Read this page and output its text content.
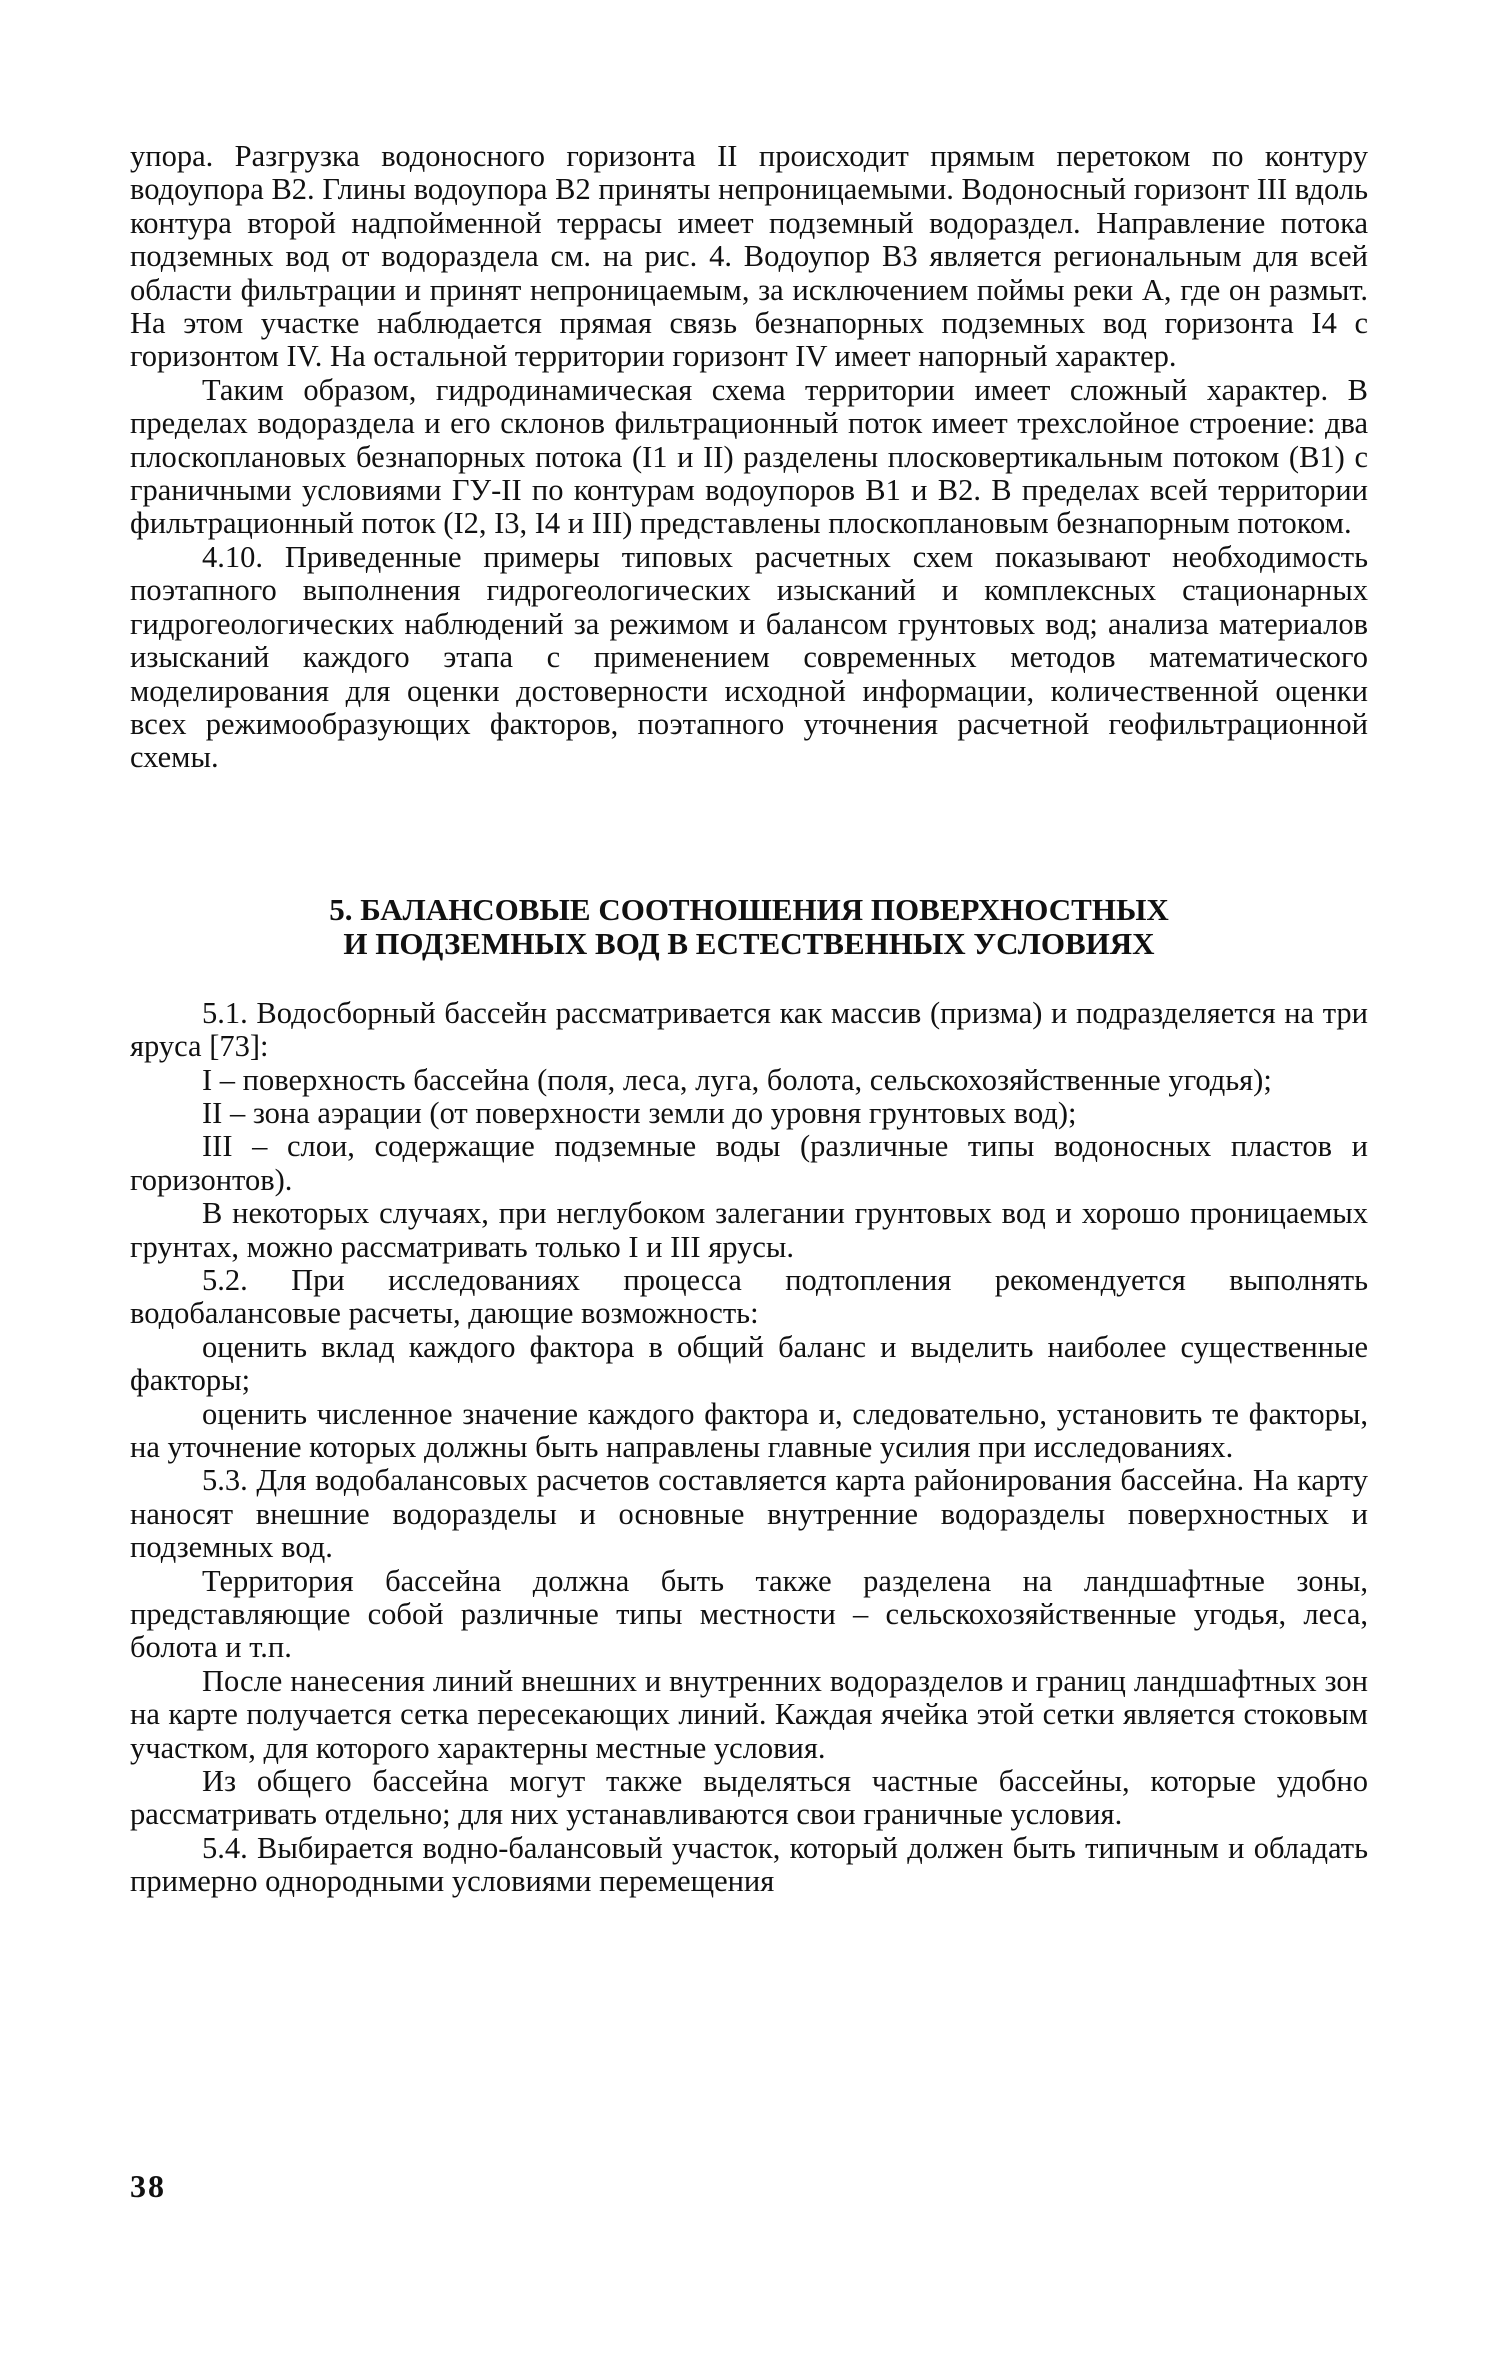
упора. Разгрузка водоносного горизонта II происходит прямым перетоком по контуру водоупора B2. Глины водоупора B2 приняты непроницаемыми. Водоносный горизонт III вдоль контура второй надпойменной террасы имеет подземный водораздел. Направление потока подземных вод от водораздела см. на рис. 4. Водоупор B3 является региональным для всей области фильтрации и принят непроницаемым, за исключением поймы реки A, где он размыт. На этом участке наблюдается прямая связь безнапорных подземных вод горизонта I4 с горизонтом IV. На остальной территории горизонт IV имеет напорный характер.

Таким образом, гидродинамическая схема территории имеет сложный характер. В пределах водораздела и его склонов фильтрационный поток имеет трехслойное строение: два плоскоплановых безнапорных потока (I1 и II) разделены плосковертикальным потоком (B1) с граничными условиями ГУ-II по контурам водоупоров B1 и B2. В пределах всей территории фильтрационный поток (I2, I3, I4 и III) представлены плоскоплановым безнапорным потоком.

4.10. Приведенные примеры типовых расчетных схем показывают необходимость поэтапного выполнения гидрогеологических изысканий и комплексных стационарных гидрогеологических наблюдений за режимом и балансом грунтовых вод; анализа материалов изысканий каждого этапа с применением современных методов математического моделирования для оценки достоверности исходной информации, количественной оценки всех режимообразующих факторов, поэтапного уточнения расчетной геофильтрационной схемы.

5. БАЛАНСОВЫЕ СООТНОШЕНИЯ ПОВЕРХНОСТНЫХ
И ПОДЗЕМНЫХ ВОД В ЕСТЕСТВЕННЫХ УСЛОВИЯХ

5.1. Водосборный бассейн рассматривается как массив (призма) и подразделяется на три яруса [73]:

I – поверхность бассейна (поля, леса, луга, болота, сельскохозяйственные угодья);

II – зона аэрации (от поверхности земли до уровня грунтовых вод);

III – слои, содержащие подземные воды (различные типы водоносных пластов и горизонтов).

В некоторых случаях, при неглубоком залегании грунтовых вод и хорошо проницаемых грунтах, можно рассматривать только I и III ярусы.

5.2. При исследованиях процесса подтопления рекомендуется выполнять водобалансовые расчеты, дающие возможность:

оценить вклад каждого фактора в общий баланс и выделить наиболее существенные факторы;

оценить численное значение каждого фактора и, следовательно, установить те факторы, на уточнение которых должны быть направлены главные усилия при исследованиях.

5.3. Для водобалансовых расчетов составляется карта районирования бассейна. На карту наносят внешние водоразделы и основные внутренние водоразделы поверхностных и подземных вод.

Территория бассейна должна быть также разделена на ландшафтные зоны, представляющие собой различные типы местности – сельскохозяйственные угодья, леса, болота и т.п.

После нанесения линий внешних и внутренних водоразделов и границ ландшафтных зон на карте получается сетка пересекающих линий. Каждая ячейка этой сетки является стоковым участком, для которого характерны местные условия.

Из общего бассейна могут также выделяться частные бассейны, которые удобно рассматривать отдельно; для них устанавливаются свои граничные условия.

5.4. Выбирается водно-балансовый участок, который должен быть типичным и обладать примерно однородными условиями перемещения

38
